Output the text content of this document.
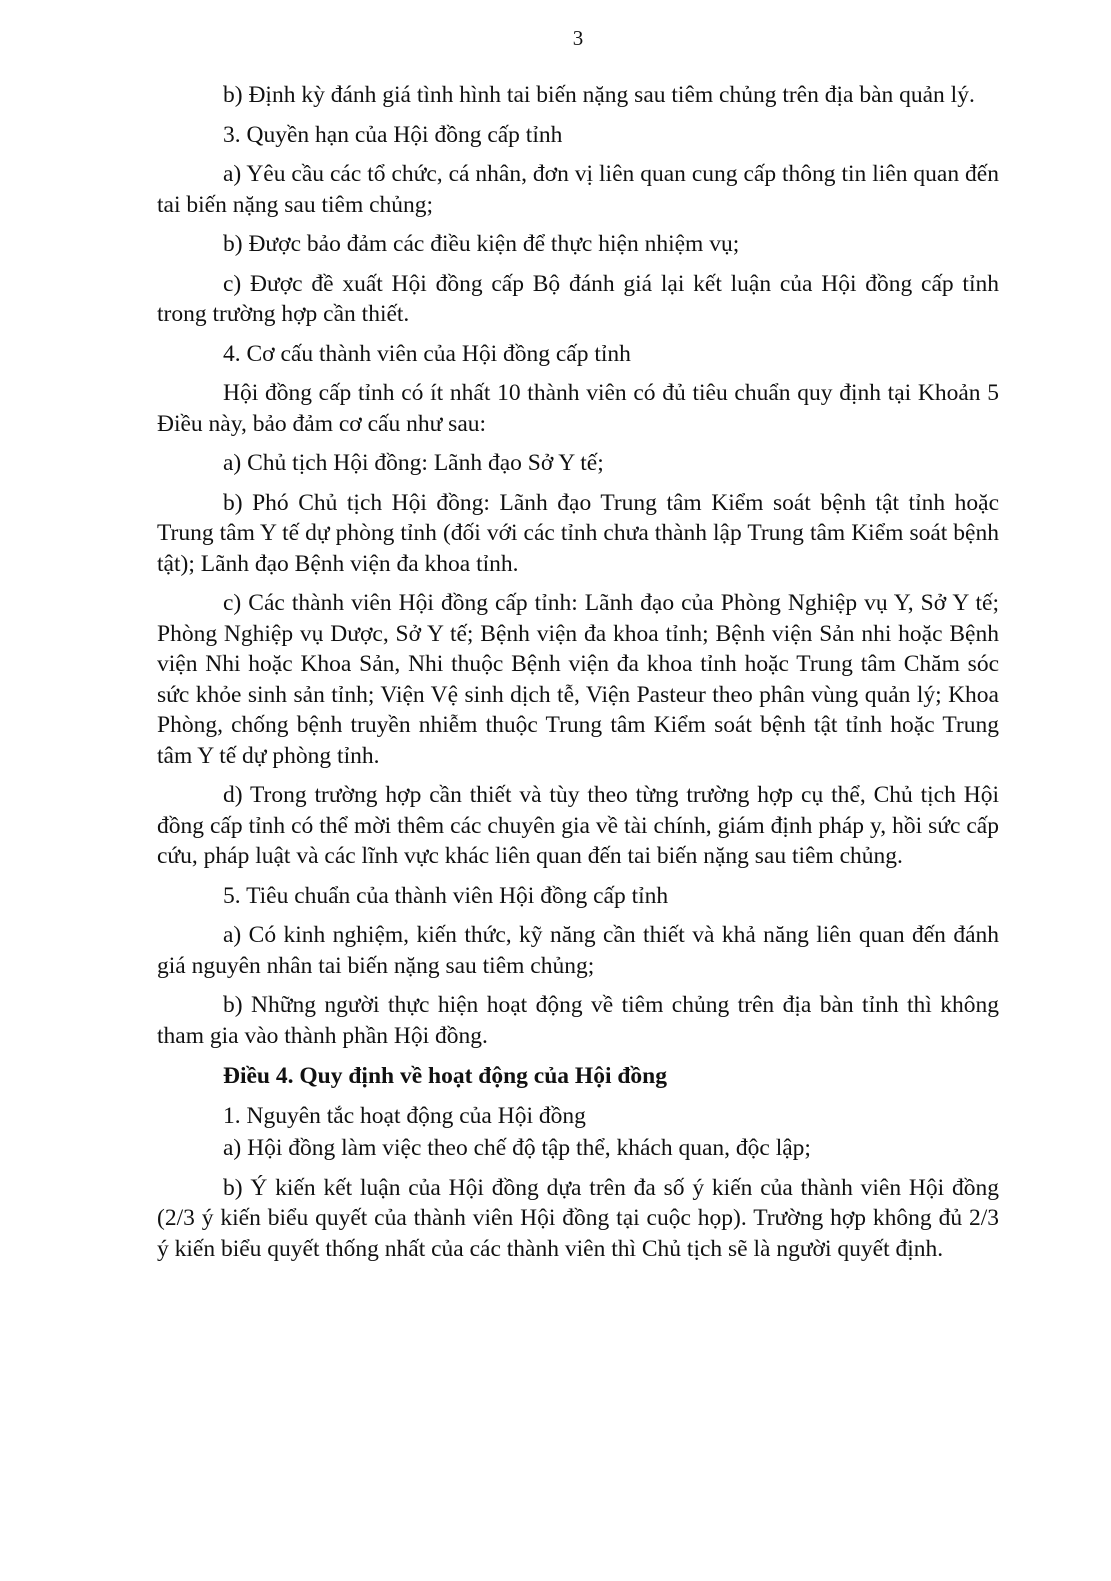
3

b) Định kỳ đánh giá tình hình tai biến nặng sau tiêm chủng trên địa bàn quản lý.

3. Quyền hạn của Hội đồng cấp tỉnh

a) Yêu cầu các tổ chức, cá nhân, đơn vị liên quan cung cấp thông tin liên quan đến tai biến nặng sau tiêm chủng;

b) Được bảo đảm các điều kiện để thực hiện nhiệm vụ;

c) Được đề xuất Hội đồng cấp Bộ đánh giá lại kết luận của Hội đồng cấp tỉnh trong trường hợp cần thiết.

4. Cơ cấu thành viên của Hội đồng cấp tỉnh

Hội đồng cấp tỉnh có ít nhất 10 thành viên có đủ tiêu chuẩn quy định tại Khoản 5 Điều này, bảo đảm cơ cấu như sau:

a) Chủ tịch Hội đồng: Lãnh đạo Sở Y tế;

b) Phó Chủ tịch Hội đồng: Lãnh đạo Trung tâm Kiểm soát bệnh tật tỉnh hoặc Trung tâm Y tế dự phòng tỉnh (đối với các tỉnh chưa thành lập Trung tâm Kiểm soát bệnh tật); Lãnh đạo Bệnh viện đa khoa tỉnh.

c) Các thành viên Hội đồng cấp tỉnh: Lãnh đạo của Phòng Nghiệp vụ Y, Sở Y tế; Phòng Nghiệp vụ Dược, Sở Y tế; Bệnh viện đa khoa tỉnh; Bệnh viện Sản nhi hoặc Bệnh viện Nhi hoặc Khoa Sản, Nhi thuộc Bệnh viện đa khoa tỉnh hoặc Trung tâm Chăm sóc sức khỏe sinh sản tỉnh; Viện Vệ sinh dịch tễ, Viện Pasteur theo phân vùng quản lý; Khoa Phòng, chống bệnh truyền nhiễm thuộc Trung tâm Kiểm soát bệnh tật tỉnh hoặc Trung tâm Y tế dự phòng tỉnh.

d) Trong trường hợp cần thiết và tùy theo từng trường hợp cụ thể, Chủ tịch Hội đồng cấp tỉnh có thể mời thêm các chuyên gia về tài chính, giám định pháp y, hồi sức cấp cứu, pháp luật và các lĩnh vực khác liên quan đến tai biến nặng sau tiêm chủng.

5. Tiêu chuẩn của thành viên Hội đồng cấp tỉnh

a) Có kinh nghiệm, kiến thức, kỹ năng cần thiết và khả năng liên quan đến đánh giá nguyên nhân tai biến nặng sau tiêm chủng;

b) Những người thực hiện hoạt động về tiêm chủng trên địa bàn tỉnh thì không tham gia vào thành phần Hội đồng.

Điều 4. Quy định về hoạt động của Hội đồng

1. Nguyên tắc hoạt động của Hội đồng

a) Hội đồng làm việc theo chế độ tập thể, khách quan, độc lập;

b) Ý kiến kết luận của Hội đồng dựa trên đa số ý kiến của thành viên Hội đồng (2/3 ý kiến biểu quyết của thành viên Hội đồng tại cuộc họp). Trường hợp không đủ 2/3 ý kiến biểu quyết thống nhất của các thành viên thì Chủ tịch sẽ là người quyết định.
